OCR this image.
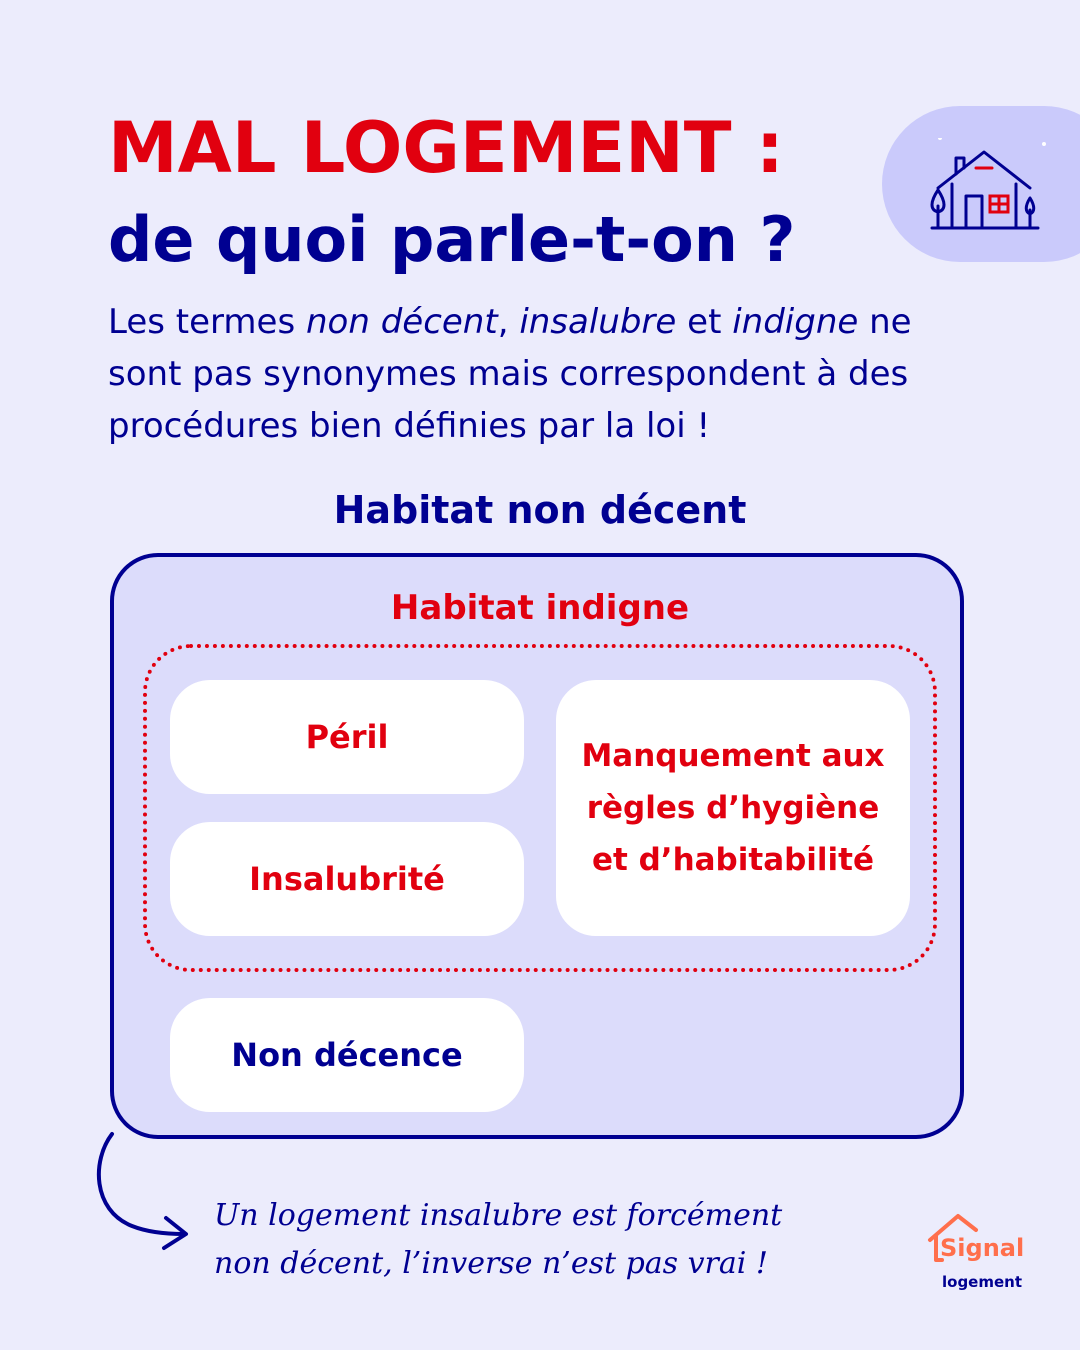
MAL LOGEMENT :
de quoi parle-t-on ?
Les termes non décent, insalubre et indigne ne sont pas synonymes mais correspondent à des procédures bien définies par la loi !
Habitat non décent
Habitat indigne
Péril
Insalubrité
Manquement aux règles d’hygiène et d’habitabilité
Non décence
Un logement insalubre est forcément non décent, l’inverse n’est pas vrai !	Signal
logement
